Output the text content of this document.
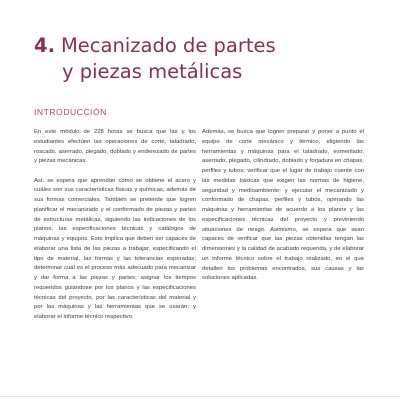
4. Mecanizado de partes
y piezas metálicas
INTRODUCCIÓN

En este módulo de 228 horas se busca que las y los estudiantes efectúen las operaciones de corte, taladrado, roscado, aserrado, plegado, doblado y enderezado de partes y piezas mecánicas.

Así, se espera que aprendan cómo se obtiene el acero y cuáles son sus características físicas y químicas, además de sus formas comerciales. También se pretende que logren planificar el mecanizado y el conformado de piezas y partes de estructuras metálicas, siguiendo las indicaciones de los planos, las especificaciones técnicas y catálogos de máquinas y equipos. Esto implica que deben ser capaces de elaborar una lista de las piezas a trabajar, especificando el tipo de material, las formas y las tolerancias esperadas; determinar cuál es el proceso más adecuado para mecanizar y dar forma a las piezas y partes; asignar los tiempos requeridos guiándose por los planos y las especificaciones técnicas del proyecto, por las características del material y por las máquinas y las herramientas que se usarán; y elaborar el informe técnico respectivo.

Además, se busca que logren preparar y poner a punto el equipo de corte mecánico y térmico, eligiendo las herramientas y máquinas para el taladrado, esmerilado, aserrado, plegado, cilindrado, doblado y forjadura en chapas, perfiles y tubos; verificar que el lugar de trabajo cuente con las medidas básicas que exigen las normas de higiene, seguridad y medioambiente; y ejecutar el mecanizado y conformado de chapas, perfiles y tubos, operando las máquinas y herramientas de acuerdo a los planos y las especificaciones técnicas del proyecto y previniendo situaciones de riesgo. Asimismo, se espera que sean capaces de verificar que las piezas obtenidas tengan las dimensiones y la calidad de acabado requerida, y de elaborar un informe técnico sobre el trabajo realizado, en el que detallen los problemas encontrados, sus causas y las soluciones aplicadas.
